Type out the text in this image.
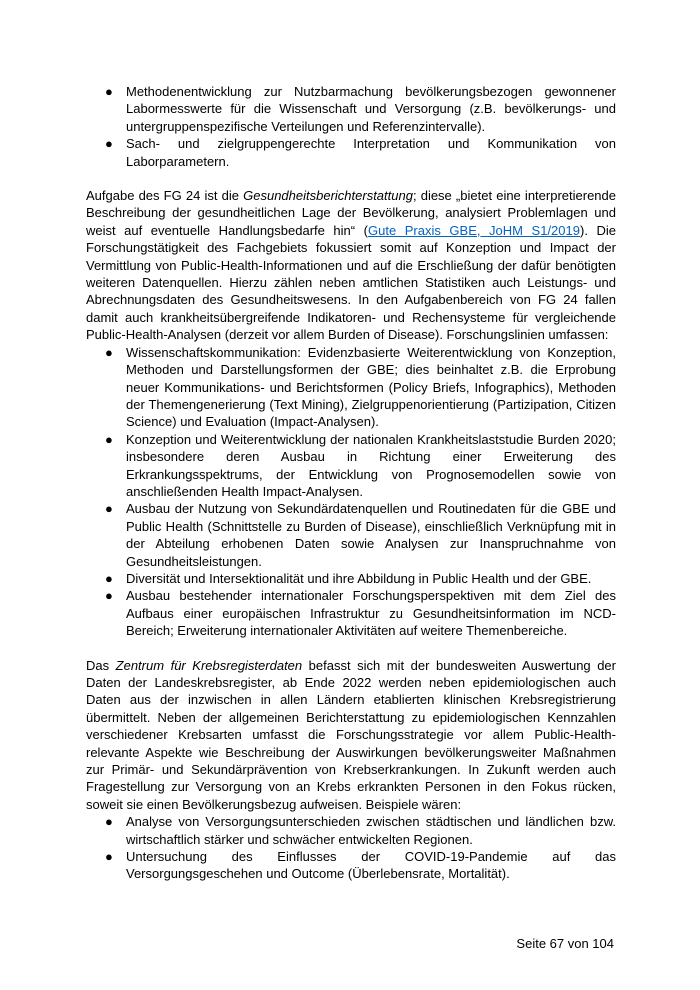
● Methodenentwicklung zur Nutzbarmachung bevölkerungsbezogen gewonnener Labormesswerte für die Wissenschaft und Versorgung (z.B. bevölkerungs- und untergruppenspezifische Verteilungen und Referenzintervalle).
● Sach- und zielgruppengerechte Interpretation und Kommunikation von Laborparametern.

Aufgabe des FG 24 ist die Gesundheitsberichterstattung; diese „bietet eine interpretierende Beschreibung der gesundheitlichen Lage der Bevölkerung, analysiert Problemlagen und weist auf eventuelle Handlungsbedarfe hin“ (Gute Praxis GBE, JoHM S1/2019). Die Forschungstätigkeit des Fachgebiets fokussiert somit auf Konzeption und Impact der Vermittlung von Public-Health-Informationen und auf die Erschließung der dafür benötigten weiteren Datenquellen. Hierzu zählen neben amtlichen Statistiken auch Leistungs- und Abrechnungsdaten des Gesundheitswesens. In den Aufgabenbereich von FG 24 fallen damit auch krankheitsübergreifende Indikatoren- und Rechensysteme für vergleichende Public-Health-Analysen (derzeit vor allem Burden of Disease). Forschungslinien umfassen:

● Wissenschaftskommunikation: Evidenzbasierte Weiterentwicklung von Konzeption, Methoden und Darstellungsformen der GBE; dies beinhaltet z.B. die Erprobung neuer Kommunikations- und Berichtsformen (Policy Briefs, Infographics), Methoden der Themengenerierung (Text Mining), Zielgruppenorientierung (Partizipation, Citizen Science) und Evaluation (Impact-Analysen).
● Konzeption und Weiterentwicklung der nationalen Krankheitslaststudie Burden 2020; insbesondere deren Ausbau in Richtung einer Erweiterung des Erkrankungsspektrums, der Entwicklung von Prognosemodellen sowie von anschließenden Health Impact-Analysen.
● Ausbau der Nutzung von Sekundärdatenquellen und Routinedaten für die GBE und Public Health (Schnittstelle zu Burden of Disease), einschließlich Verknüpfung mit in der Abteilung erhobenen Daten sowie Analysen zur Inanspruchnahme von Gesundheitsleistungen.
● Diversität und Intersektionalität und ihre Abbildung in Public Health und der GBE.
● Ausbau bestehender internationaler Forschungsperspektiven mit dem Ziel des Aufbaus einer europäischen Infrastruktur zu Gesundheitsinformation im NCD-Bereich; Erweiterung internationaler Aktivitäten auf weitere Themenbereiche.

Das Zentrum für Krebsregisterdaten befasst sich mit der bundesweiten Auswertung der Daten der Landeskrebsregister, ab Ende 2022 werden neben epidemiologischen auch Daten aus der inzwischen in allen Ländern etablierten klinischen Krebsregistrierung übermittelt. Neben der allgemeinen Berichterstattung zu epidemiologischen Kennzahlen verschiedener Krebsarten umfasst die Forschungsstrategie vor allem Public-Health-relevante Aspekte wie Beschreibung der Auswirkungen bevölkerungsweiter Maßnahmen zur Primär- und Sekundärprävention von Krebserkrankungen. In Zukunft werden auch Fragestellung zur Versorgung von an Krebs erkrankten Personen in den Fokus rücken, soweit sie einen Bevölkerungsbezug aufweisen. Beispiele wären:

● Analyse von Versorgungsunterschieden zwischen städtischen und ländlichen bzw. wirtschaftlich stärker und schwächer entwickelten Regionen.
● Untersuchung des Einflusses der COVID-19-Pandemie auf das Versorgungsgeschehen und Outcome (Überlebensrate, Mortalität).
Seite 67 von 104
